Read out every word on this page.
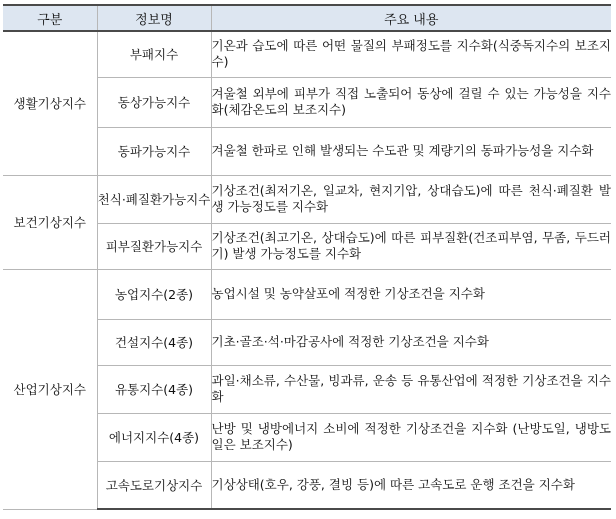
구분	정보명	주요 내용
생활기상지수	부패지수	기온과 습도에 따른 어떤 물질의 부패정도를 지수화(식중독지수의 보조지수)
	동상가능지수	겨울철 외부에 피부가 직접 노출되어 동상에 걸릴 수 있는 가능성을 지수화(체감온도의 보조지수)
	동파가능지수	겨울철 한파로 인해 발생되는 수도관 및 계량기의 동파가능성을 지수화
보건기상지수	천식·폐질환가능지수	기상조건(최저기온, 일교차, 현지기압, 상대습도)에 따른 천식·폐질환 발생 가능정도를 지수화
	피부질환가능지수	기상조건(최고기온, 상대습도)에 따른 피부질환(건조피부염, 무좀, 두드러기) 발생 가능정도를 지수화
산업기상지수	농업지수(2종)	농업시설 및 농약살포에 적정한 기상조건을 지수화
	건설지수(4종)	기초·골조·석·마감공사에 적정한 기상조건을 지수화
	유통지수(4종)	과일·채소류, 수산물, 빙과류, 운송 등 유통산업에 적정한 기상조건을 지수화
	에너지지수(4종)	난방 및 냉방에너지 소비에 적정한 기상조건을 지수화 (난방도일, 냉방도일은 보조지수)
	고속도로기상지수	기상상태(호우, 강풍, 결빙 등)에 따른 고속도로 운행 조건을 지수화
